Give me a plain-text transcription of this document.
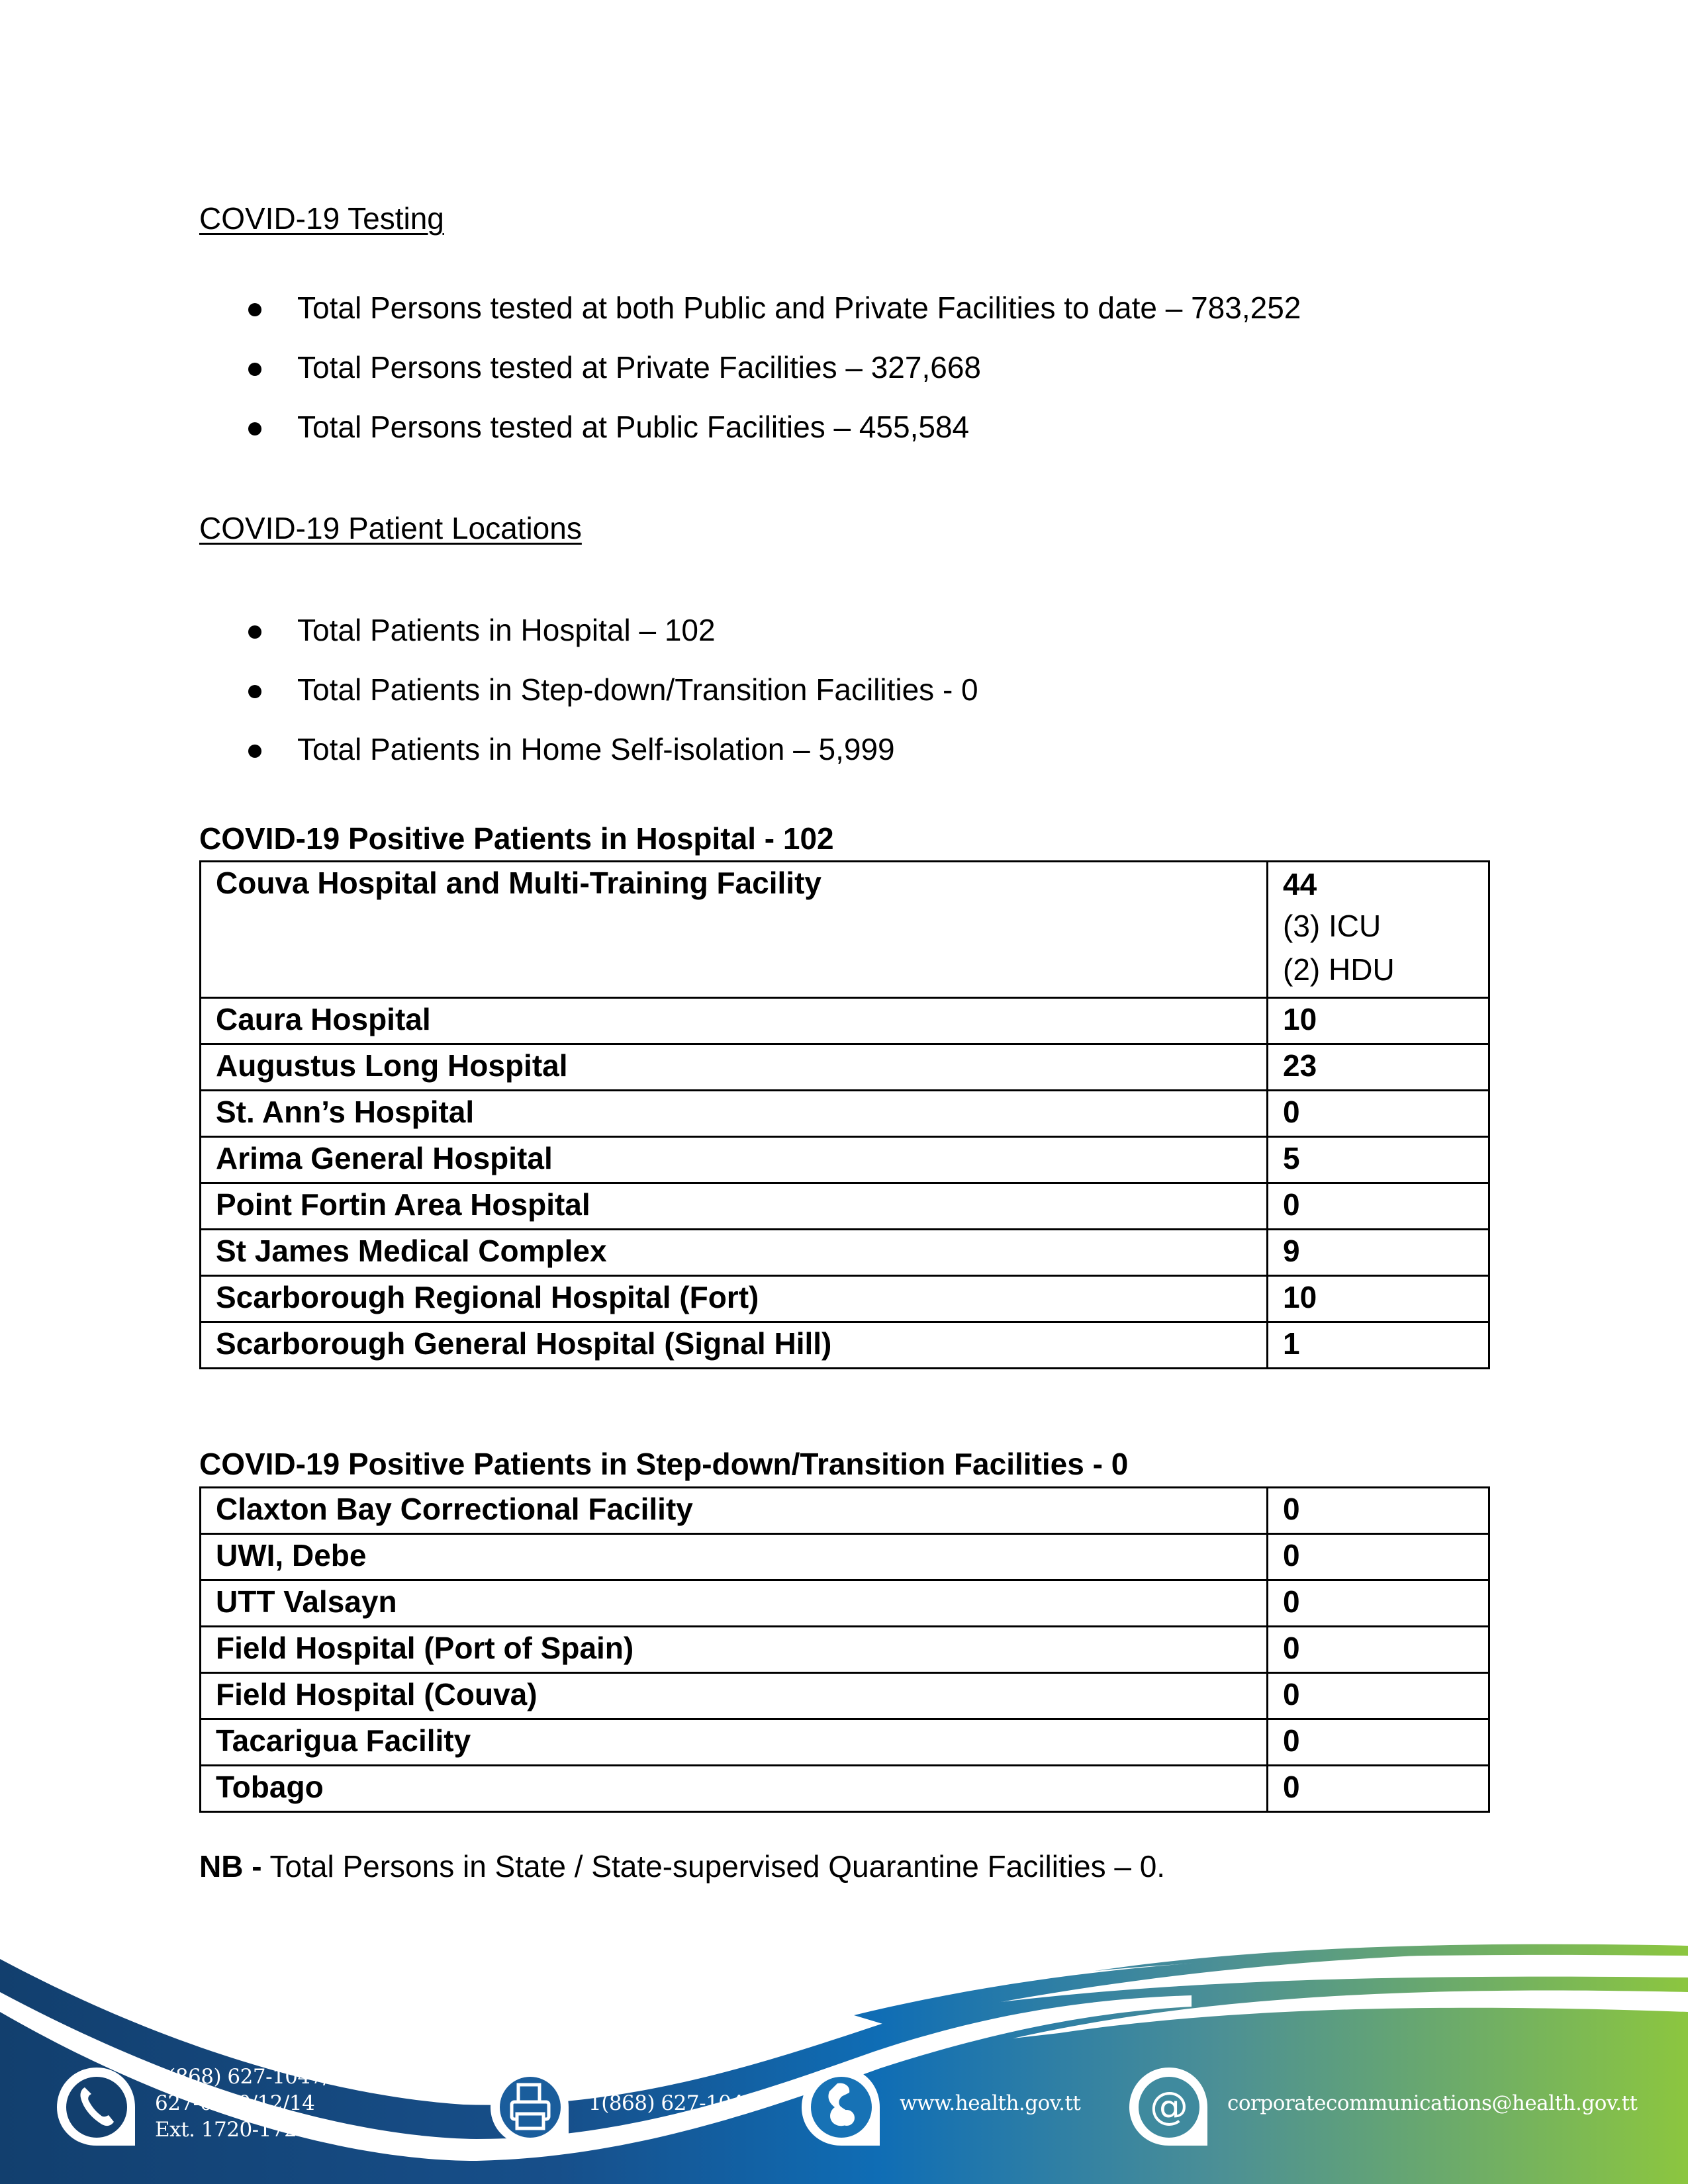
COVID-19 Testing
Total Persons tested at both Public and Private Facilities to date – 783,252
Total Persons tested at Private Facilities – 327,668
Total Persons tested at Public Facilities – 455,584
COVID-19 Patient Locations
Total Patients in Hospital – 102
Total Patients in Step-down/Transition Facilities - 0
Total Patients in Home Self-isolation – 5,999
COVID-19 Positive Patients in Hospital - 102
Couva Hospital and Multi-Training Facility	44
(3) ICU
(2) HDU

Caura Hospital	10
Augustus Long Hospital	23
St. Ann’s Hospital	0
Arima General Hospital	5
Point Fortin Area Hospital	0
St James Medical Complex	9
Scarborough Regional Hospital (Fort)	10
Scarborough General Hospital (Signal Hill)	1
COVID-19 Positive Patients in Step-down/Transition Facilities - 0
Claxton Bay Correctional Facility	0
UWI, Debe	0
UTT Valsayn	0
Field Hospital (Port of Spain)	0
Field Hospital (Couva)	0
Tacarigua Facility	0
Tobago	0
NB - Total Persons in State / State-supervised Quarantine Facilities – 0.
1(868) 627-1047/ 623-8492 or
627-0010/12/14
Ext. 1720-1725
1(868) 627-1047	www.health.gov.tt @ corporatecommunications@health.gov.tt
